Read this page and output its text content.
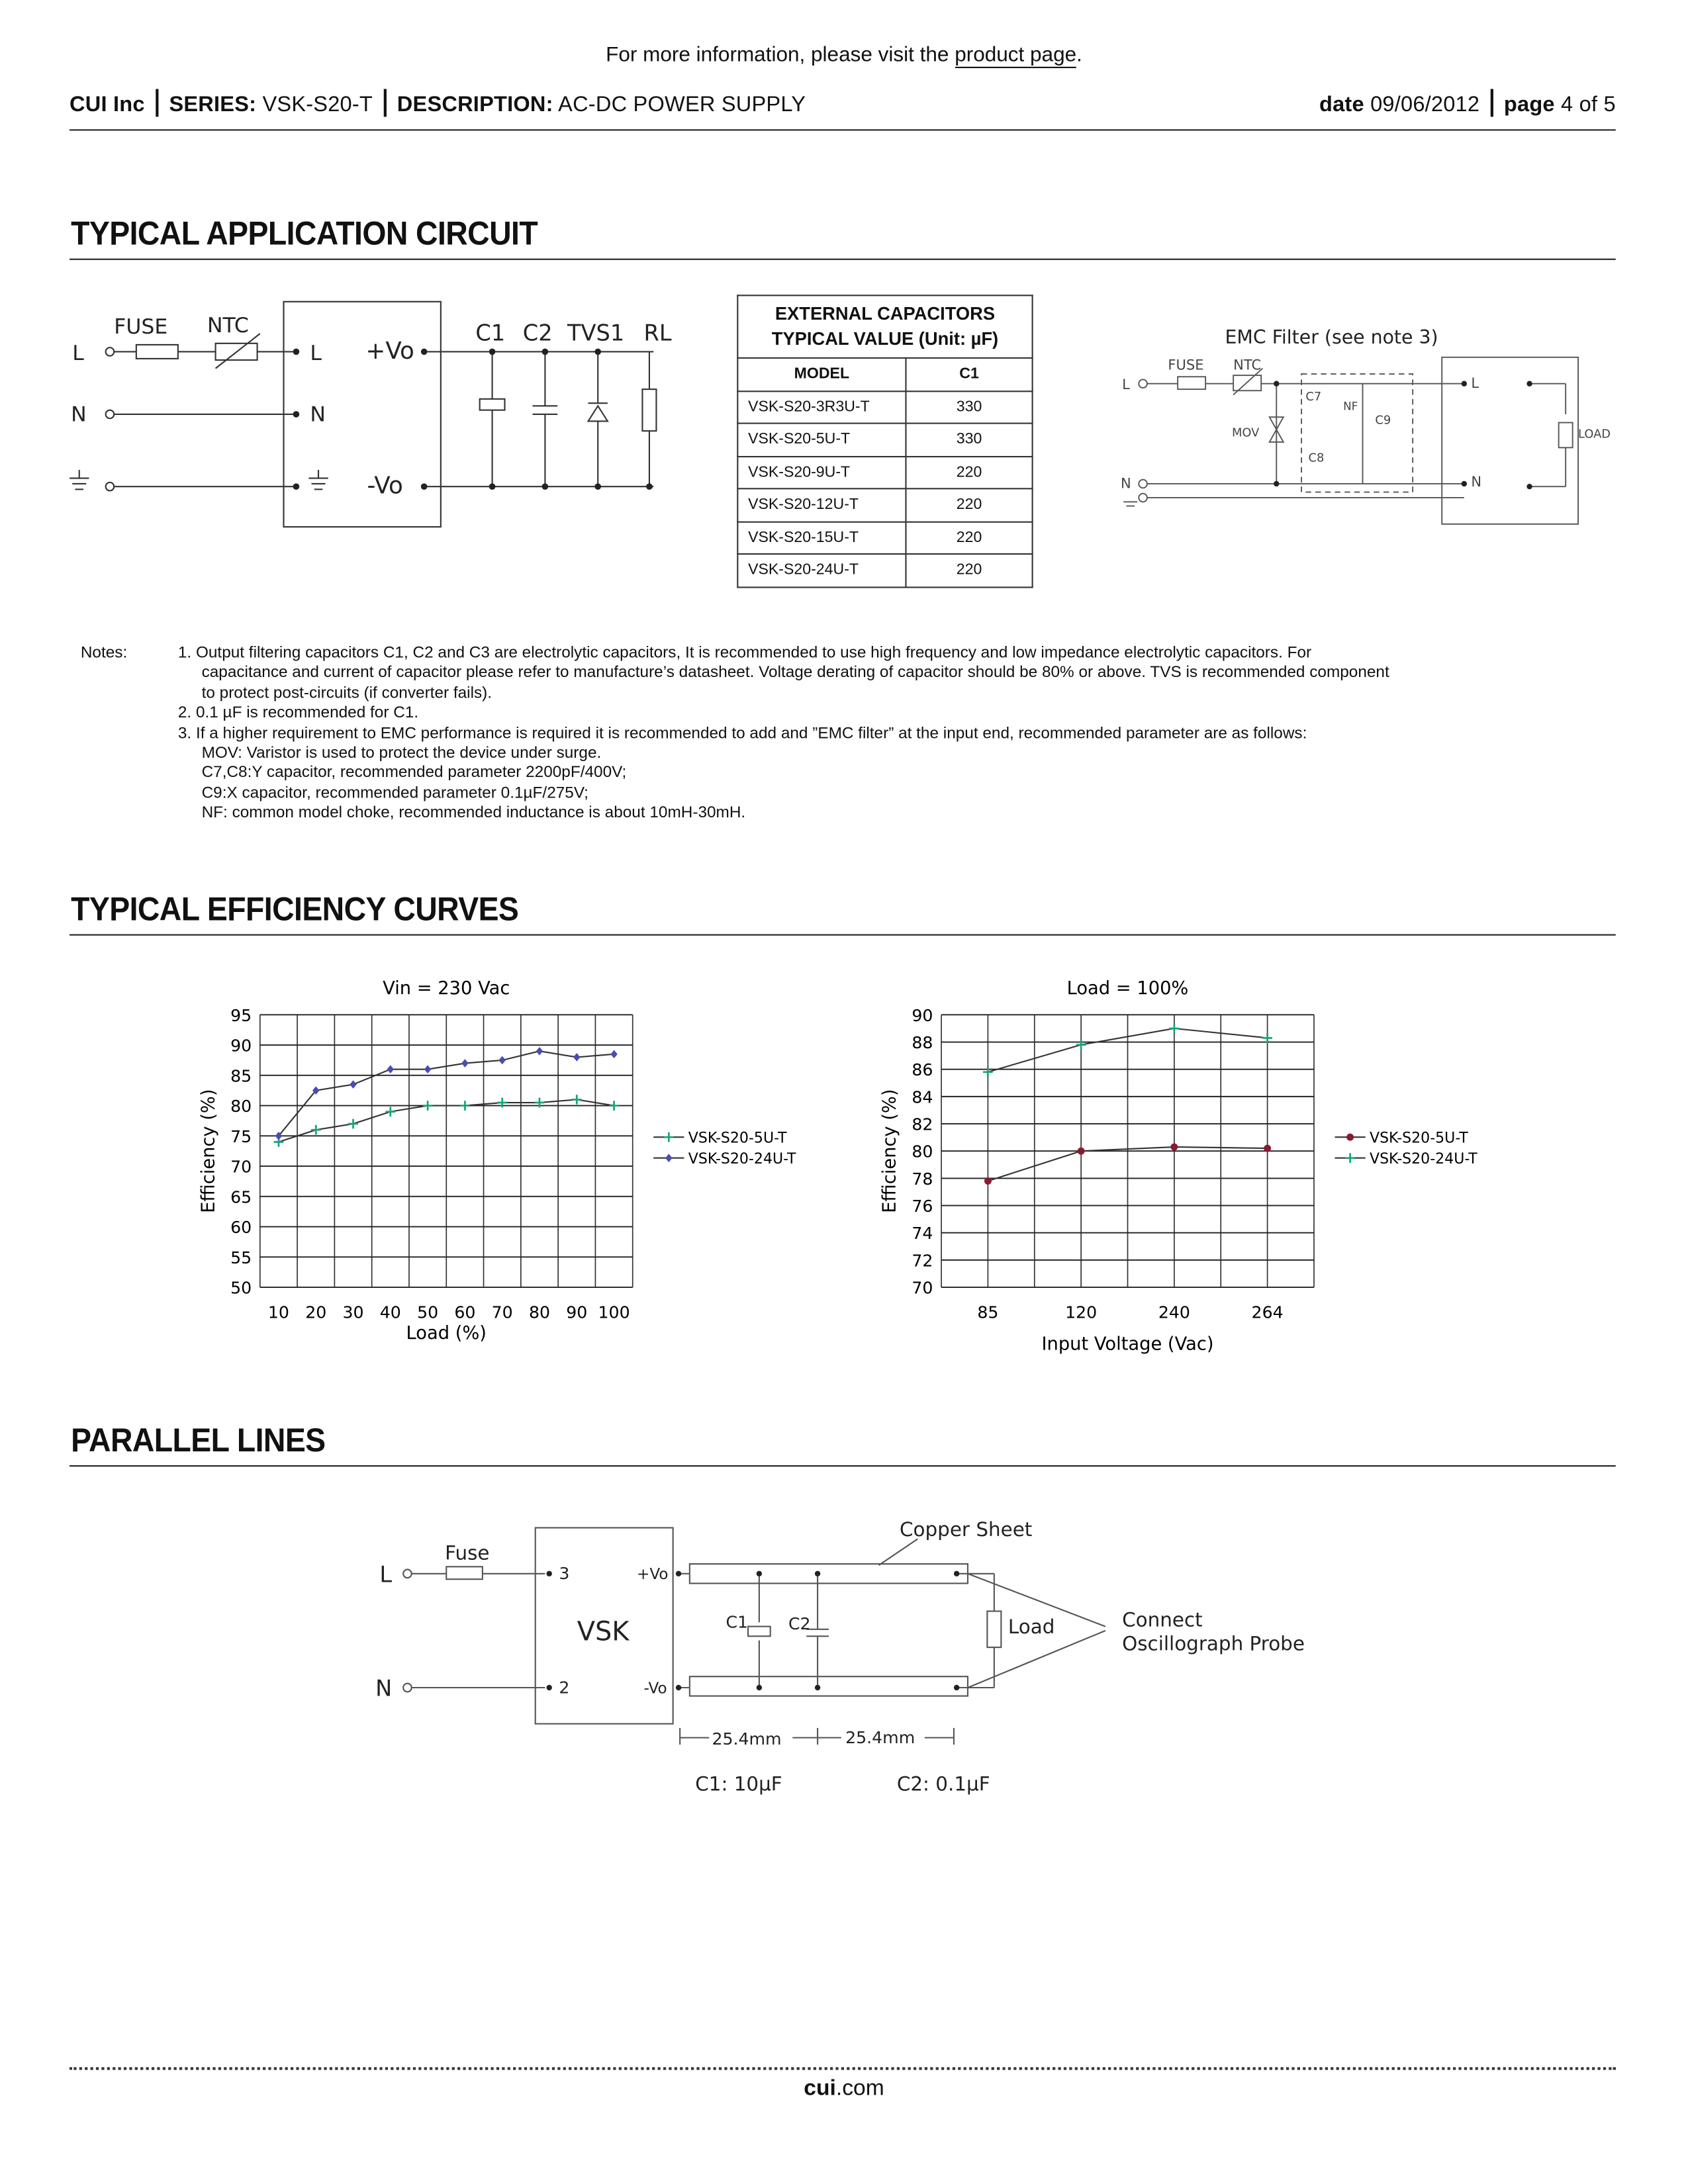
For more information, please visit the product page.
CUI Inc SERIES: VSK-S20-T DESCRIPTION: AC-DC POWER SUPPLY	date 09/06/2012 page 4 of 5
TYPICAL APPLICATION CIRCUIT
L
N
FUSE	NTC
L
N
+Vo
-Vo
C1 C2 TVS1 RL
EXTERNAL CAPACITORS
TYPICAL VALUE (Unit: µF)	
MODEL	C1
VSK-S20-3R3U-T	330
VSK-S20-5U-T	330
VSK-S20-9U-T	220
VSK-S20-12U-T	220
VSK-S20-15U-T	220
VSK-S20-24U-T	220
EMC Filter (see note 3)
L
N
FUSE	NTC
MOV
C7
C8
C9
NF
L
N
LOAD
Notes:	1. Output filtering capacitors C1, C2 and C3 are electrolytic capacitors, It is recommended to use high frequency and low impedance electrolytic capacitors. For
capacitance and current of capacitor please refer to manufacture’s datasheet. Voltage derating of capacitor should be 80% or above. TVS is recommended component
to protect post-circuits (if converter fails).
2. 0.1 µF is recommended for C1.
3. If a higher requirement to EMC performance is required it is recommended to add and ”EMC filter” at the input end, recommended parameter are as follows:
MOV: Varistor is used to protect the device under surge.
C7,C8:Y capacitor, recommended parameter 2200pF/400V;
C9:X capacitor, recommended parameter 0.1µF/275V;
NF: common model choke, recommended inductance is about 10mH-30mH.
TYPICAL EFFICIENCY CURVES
Vin = 230 Vac
50
55
60
65
70
75
80
85
90
95
10 20 30 40 50 60 70 80 90 100
Load (%)
Efficiency (%)	VSK-S20-5U-T
VSK-S20-24U-T
Load = 100%
70
72
74
76
78
80
82
84
86
88
90
85	120	240	264
Input Voltage (Vac)
Efficiency (%)	VSK-S20-5U-T
VSK-S20-24U-T
PARALLEL LINES
L
N
Fuse
3
2
VSK
+Vo
-Vo
C1	C2	Load
Copper Sheet
Connect
Oscillograph Probe
25.4mm	25.4mm
C1: 10µF	C2: 0.1µF
cui.com
